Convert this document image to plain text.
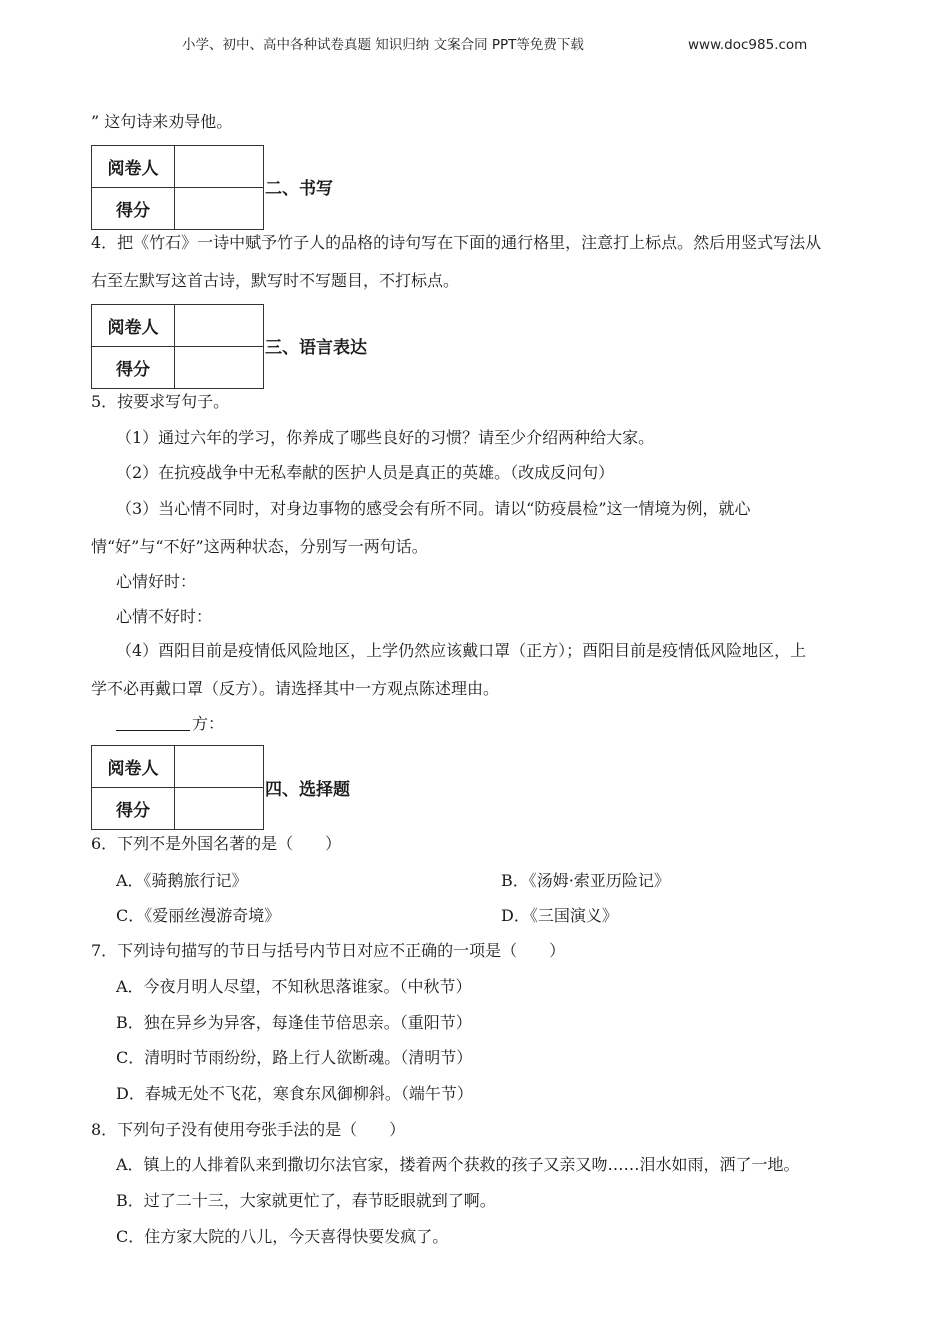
小学、初中、高中各种试卷真题 知识归纳 文案合同 PPT等免费下载	www.doc985.com
” 这句诗来劝导他。
阅卷人	
得分	
二、书写
4．把《竹石》一诗中赋予竹子人的品格的诗句写在下面的通行格里，注意打上标点。然后用竖式写法从
右至左默写这首古诗，默写时不写题目，不打标点。
阅卷人	
得分	
三、语言表达
5．按要求写句子。
（1）通过六年的学习，你养成了哪些良好的习惯？请至少介绍两种给大家。
（2）在抗疫战争中无私奉献的医护人员是真正的英雄。（改成反问句）
（3）当心情不同时，对身边事物的感受会有所不同。请以“防疫晨检”这一情境为例，就心
情“好”与“不好”这两种状态，分别写一两句话。
心情好时：
心情不好时：
（4）酉阳目前是疫情低风险地区，上学仍然应该戴口罩（正方）；酉阳目前是疫情低风险地区，上
学不必再戴口罩（反方）。请选择其中一方观点陈述理由。
方：
阅卷人	
得分	
四、选择题
6．下列不是外国名著的是（　　）
A．《骑鹅旅行记》	B．《汤姆·索亚历险记》
C．《爱丽丝漫游奇境》	D．《三国演义》
7．下列诗句描写的节日与括号内节日对应不正确的一项是（　　）
A．今夜月明人尽望，不知秋思落谁家。（中秋节）
B．独在异乡为异客，每逢佳节倍思亲。（重阳节）
C．清明时节雨纷纷，路上行人欲断魂。（清明节）
D．春城无处不飞花，寒食东风御柳斜。（端午节）
8．下列句子没有使用夸张手法的是（　　）
A．镇上的人排着队来到撒切尔法官家，搂着两个获救的孩子又亲又吻……泪水如雨，洒了一地。
B．过了二十三，大家就更忙了，春节眨眼就到了啊。
C．住方家大院的八儿，今天喜得快要发疯了。
